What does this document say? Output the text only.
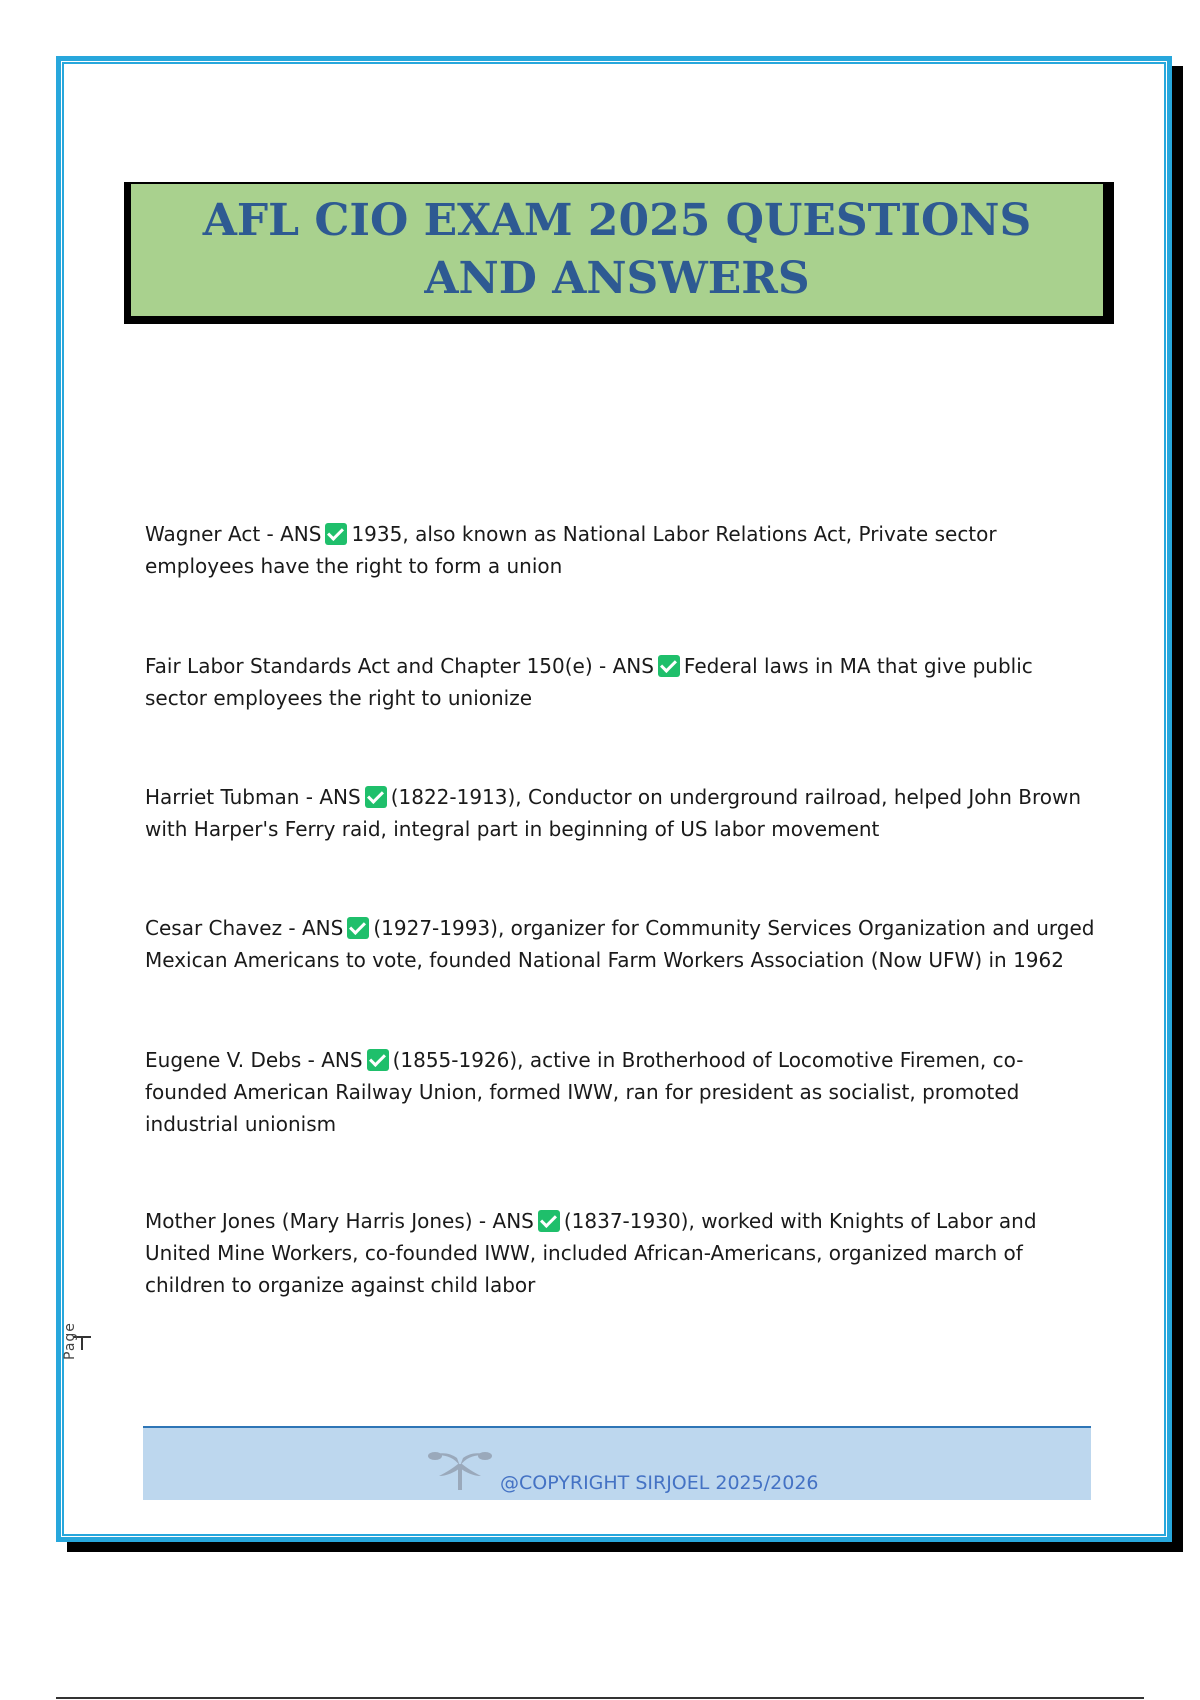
AFL CIO EXAM 2025 QUESTIONS AND ANSWERS

Wagner Act - ANS 1935, also known as National Labor Relations Act, Private sector employees have the right to form a union

Fair Labor Standards Act and Chapter 150(e) - ANS Federal laws in MA that give public sector employees the right to unionize

Harriet Tubman - ANS (1822-1913), Conductor on underground railroad, helped John Brown with Harper's Ferry raid, integral part in beginning of US labor movement

Cesar Chavez - ANS (1927-1993), organizer for Community Services Organization and urged Mexican Americans to vote, founded National Farm Workers Association (Now UFW) in 1962

Eugene V. Debs - ANS (1855-1926), active in Brotherhood of Locomotive Firemen, co-founded American Railway Union, formed IWW, ran for president as socialist, promoted industrial unionism

Mother Jones (Mary Harris Jones) - ANS (1837-1930), worked with Knights of Labor and United Mine Workers, co-founded IWW, included African-Americans, organized march of children to organize against child labor

Page
@COPYRIGHT SIRJOEL 2025/2026
